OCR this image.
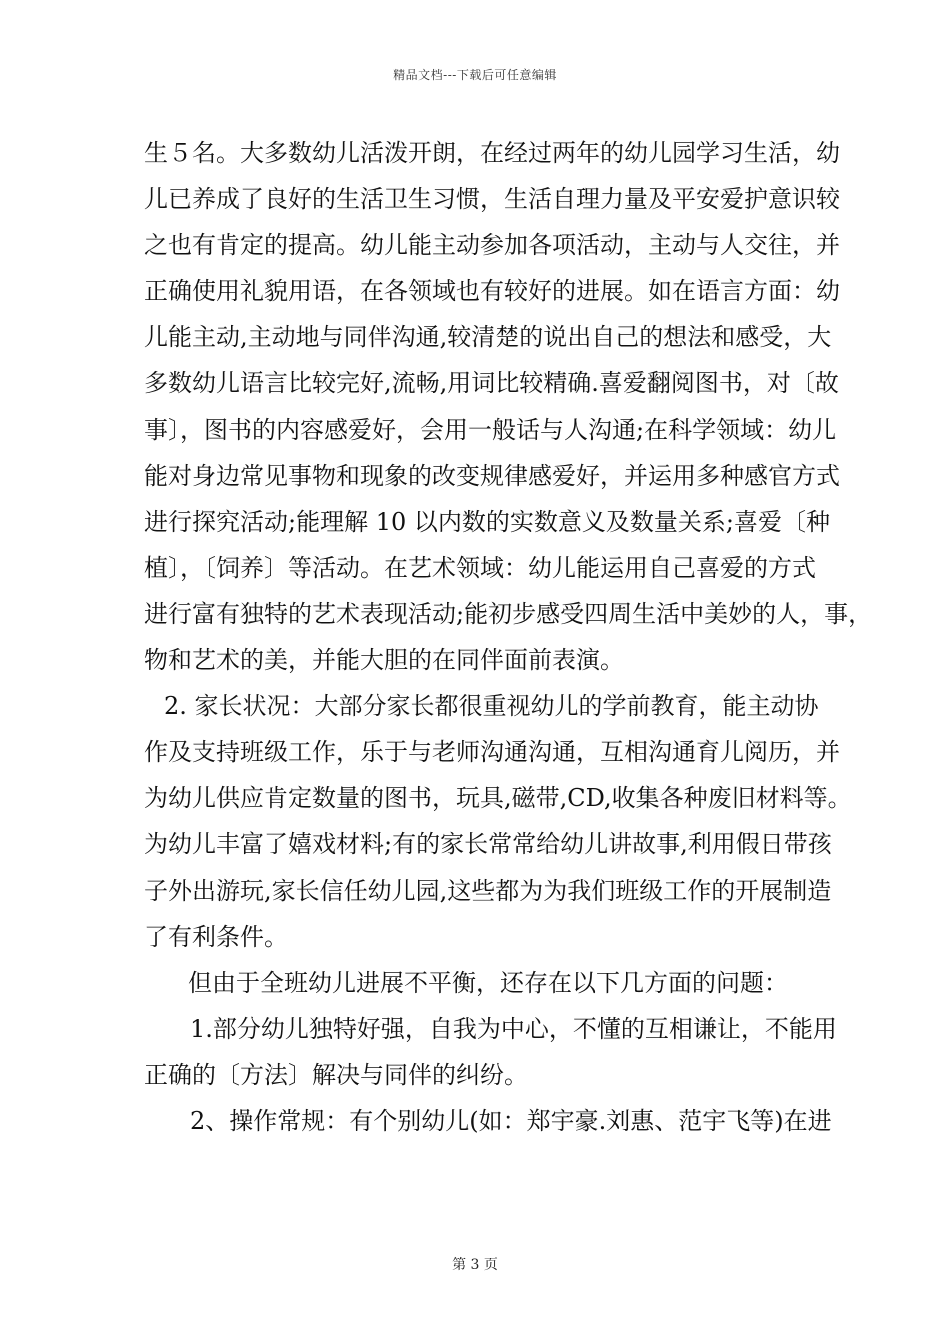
精品文档---下载后可任意编辑
生５名。大多数幼儿活泼开朗，在经过两年的幼儿园学习生活，幼
儿已养成了良好的生活卫生习惯，生活自理力量及平安爱护意识较
之也有肯定的提高。幼儿能主动参加各项活动，主动与人交往，并
正确使用礼貌用语，在各领域也有较好的进展。如在语言方面：幼
儿能主动,主动地与同伴沟通,较清楚的说出自己的想法和感受，大
多数幼儿语言比较完好,流畅,用词比较精确.喜爱翻阅图书，对〔故
事〕，图书的内容感爱好，会用一般话与人沟通;在科学领域：幼儿
能对身边常见事物和现象的改变规律感爱好，并运用多种感官方式
进行探究活动;能理解 10 以内数的实数意义及数量关系;喜爱〔种
植〕，〔饲养〕等活动。在艺术领域：幼儿能运用自己喜爱的方式
进行富有独特的艺术表现活动;能初步感受四周生活中美妙的人，事，
物和艺术的美，并能大胆的在同伴面前表演。
2. 家长状况：大部分家长都很重视幼儿的学前教育，能主动协
作及支持班级工作，乐于与老师沟通沟通，互相沟通育儿阅历，并
为幼儿供应肯定数量的图书，玩具,磁带,CD,收集各种废旧材料等。
为幼儿丰富了嬉戏材料;有的家长常常给幼儿讲故事,利用假日带孩
子外出游玩,家长信任幼儿园,这些都为为我们班级工作的开展制造
了有利条件。
但由于全班幼儿进展不平衡，还存在以下几方面的问题：
1.部分幼儿独特好强，自我为中心，不懂的互相谦让，不能用
正确的〔方法〕解决与同伴的纠纷。
2、操作常规：有个别幼儿(如：郑宇豪.刘惠、范宇飞等)在进
第 3 页
